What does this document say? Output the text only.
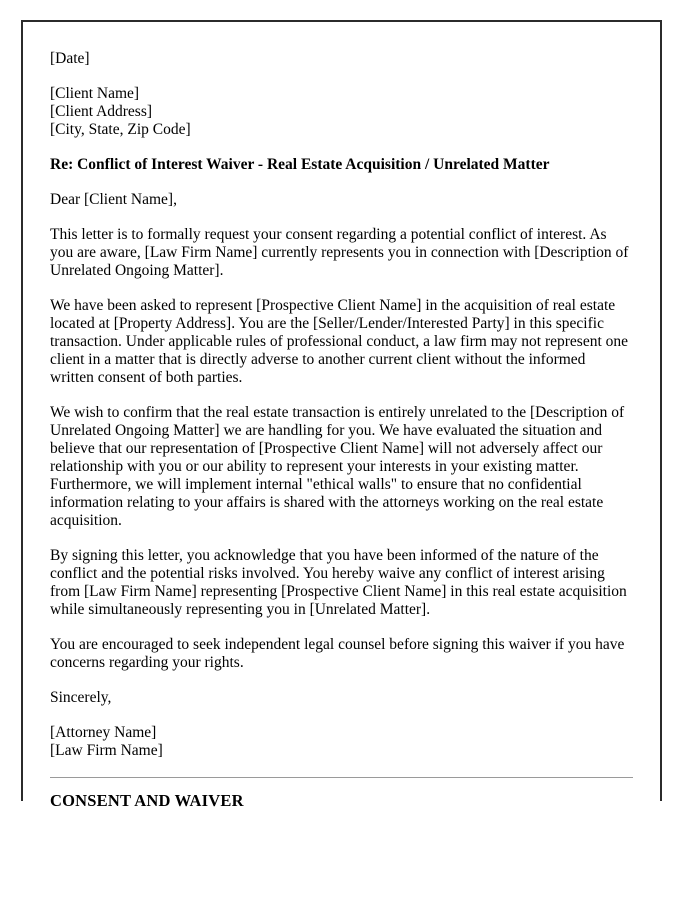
[Date]

[Client Name]
[Client Address]
[City, State, Zip Code]

Re: Conflict of Interest Waiver - Real Estate Acquisition / Unrelated Matter

Dear [Client Name],

This letter is to formally request your consent regarding a potential conflict of interest. As you are aware, [Law Firm Name] currently represents you in connection with [Description of Unrelated Ongoing Matter].

We have been asked to represent [Prospective Client Name] in the acquisition of real estate located at [Property Address]. You are the [Seller/Lender/Interested Party] in this specific transaction. Under applicable rules of professional conduct, a law firm may not represent one client in a matter that is directly adverse to another current client without the informed written consent of both parties.

We wish to confirm that the real estate transaction is entirely unrelated to the [Description of Unrelated Ongoing Matter] we are handling for you. We have evaluated the situation and believe that our representation of [Prospective Client Name] will not adversely affect our relationship with you or our ability to represent your interests in your existing matter. Furthermore, we will implement internal "ethical walls" to ensure that no confidential information relating to your affairs is shared with the attorneys working on the real estate acquisition.

By signing this letter, you acknowledge that you have been informed of the nature of the conflict and the potential risks involved. You hereby waive any conflict of interest arising from [Law Firm Name] representing [Prospective Client Name] in this real estate acquisition while simultaneously representing you in [Unrelated Matter].

You are encouraged to seek independent legal counsel before signing this waiver if you have concerns regarding your rights.

Sincerely,

[Attorney Name]
[Law Firm Name]

CONSENT AND WAIVER
